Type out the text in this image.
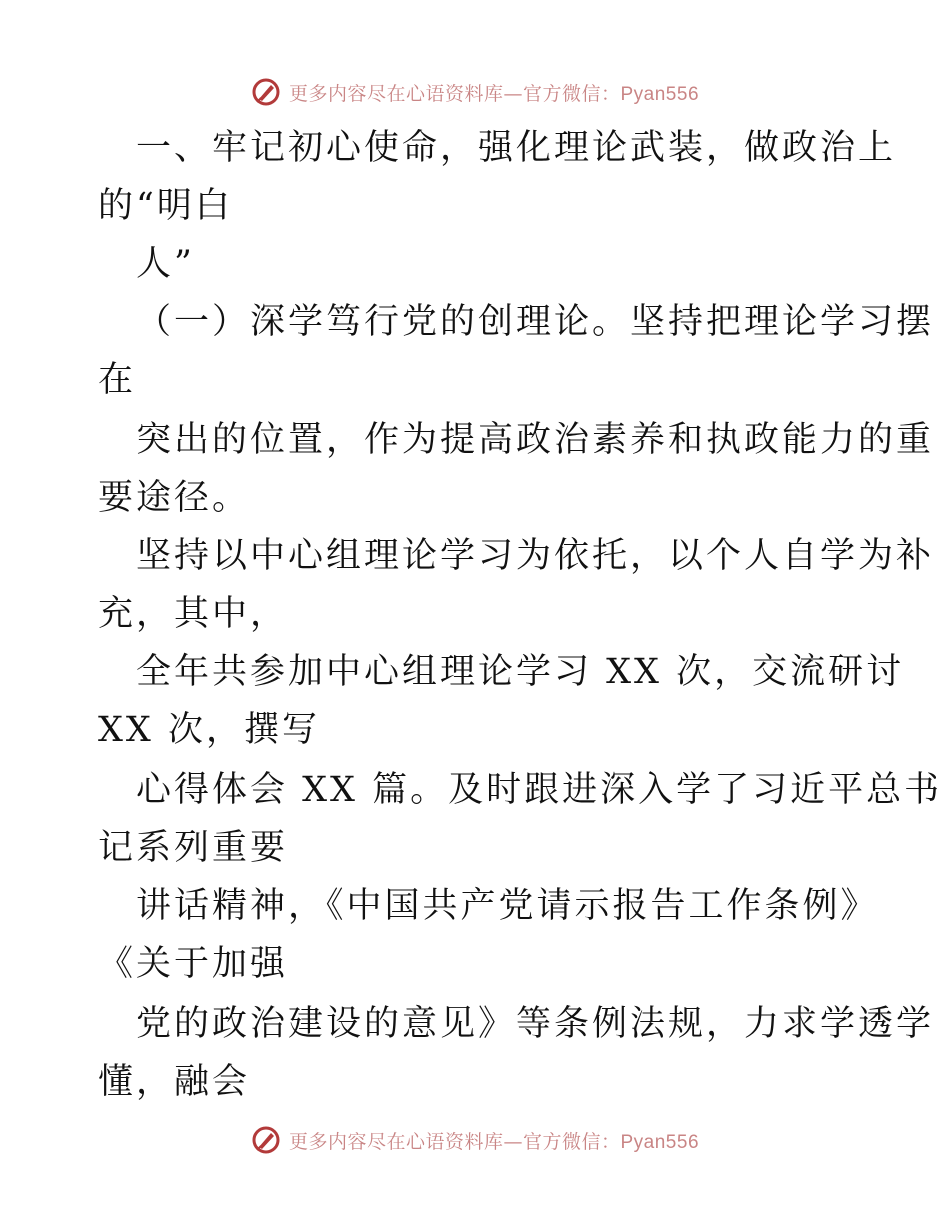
更多内容尽在心语资料库—官方微信：Pyan556
一、牢记初心使命，强化理论武装，做政治上
的“明白
人”
（一）深学笃行党的创理论。坚持把理论学习摆
在
突出的位置，作为提高政治素养和执政能力的重
要途径。
坚持以中心组理论学习为依托，以个人自学为补
充，其中，
全年共参加中心组理论学习 XX 次，交流研讨
XX 次，撰写
心得体会 XX 篇。及时跟进深入学了习近平总书
记系列重要
讲话精神，《中国共产党请示报告工作条例》
《关于加强
党的政治建设的意见》等条例法规，力求学透学
懂，融会
更多内容尽在心语资料库—官方微信：Pyan556
